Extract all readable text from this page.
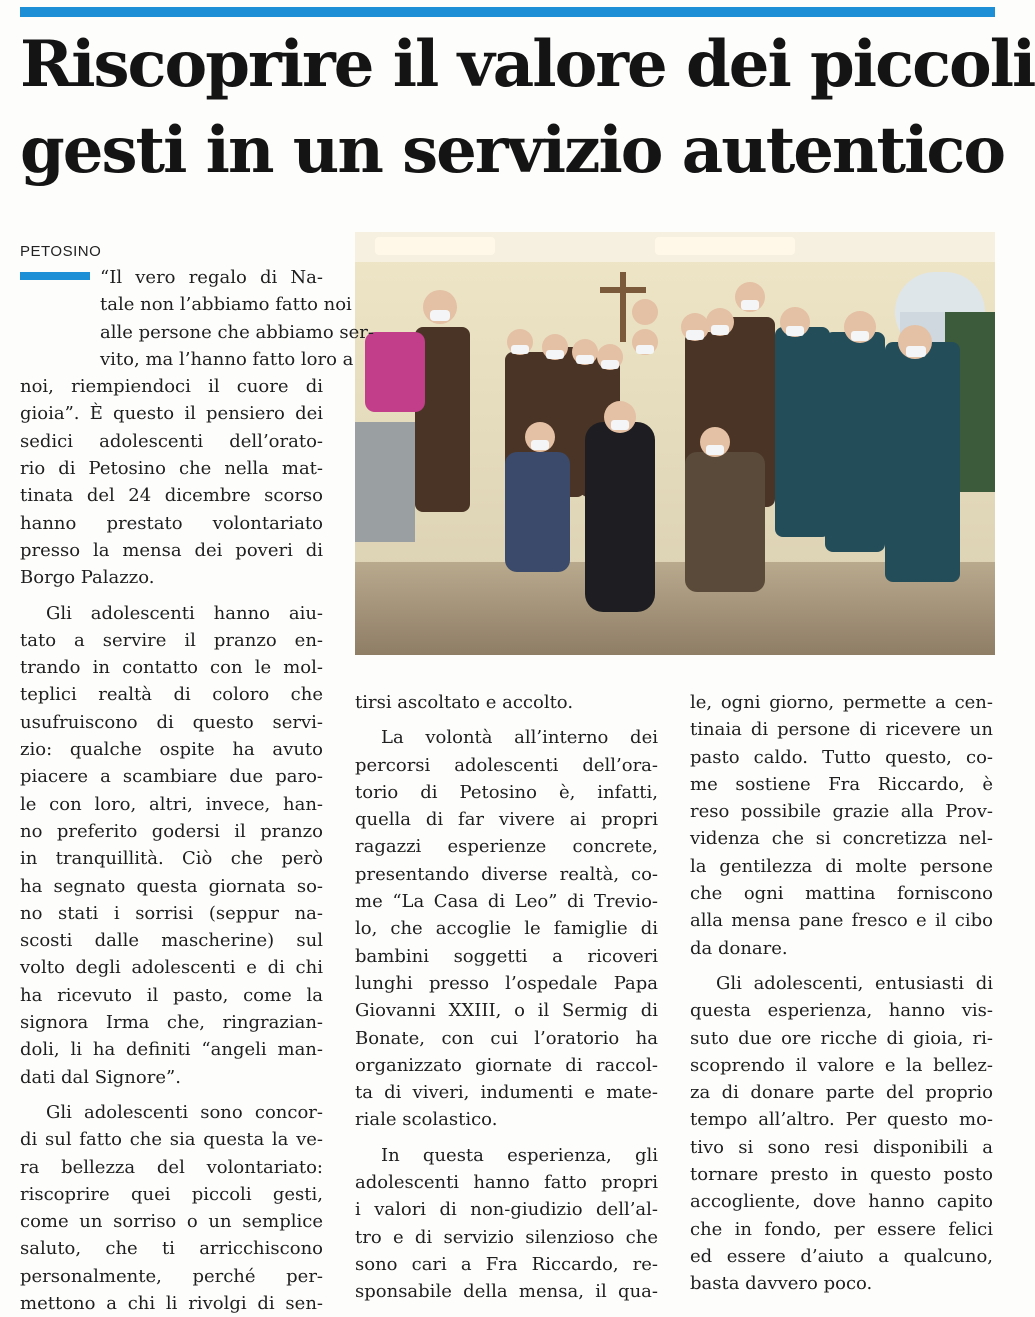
Riscoprire il valore dei piccoli
gesti in un servizio autentico
PETOSINO
“Il vero regalo di Na-
tale non l’abbiamo fatto noi
alle persone che abbiamo ser-
vito, ma l’hanno fatto loro a
noi, riempiendoci il cuore di
gioia”. È questo il pensiero dei
sedici adolescenti dell’orato-
rio di Petosino che nella mat-
tinata del 24 dicembre scorso
hanno prestato volontariato
presso la mensa dei poveri di
Borgo Palazzo.
Gli adolescenti hanno aiu-
tato a servire il pranzo en-
trando in contatto con le mol-
teplici realtà di coloro che
usufruiscono di questo servi-
zio: qualche ospite ha avuto
piacere a scambiare due paro-
le con loro, altri, invece, han-
no preferito godersi il pranzo
in tranquillità. Ciò che però
ha segnato questa giornata so-
no stati i sorrisi (seppur na-
scosti dalle mascherine) sul
volto degli adolescenti e di chi
ha ricevuto il pasto, come la
signora Irma che, ringrazian-
doli, li ha definiti “angeli man-
dati dal Signore”.
Gli adolescenti sono concor-
di sul fatto che sia questa la ve-
ra bellezza del volontariato:
riscoprire quei piccoli gesti,
come un sorriso o un semplice
saluto, che ti arricchiscono
personalmente, perché per-
mettono a chi li rivolgi di sen-
tirsi ascoltato e accolto.
La volontà all’interno dei
percorsi adolescenti dell’ora-
torio di Petosino è, infatti,
quella di far vivere ai propri
ragazzi esperienze concrete,
presentando diverse realtà, co-
me “La Casa di Leo” di Trevio-
lo, che accoglie le famiglie di
bambini soggetti a ricoveri
lunghi presso l’ospedale Papa
Giovanni XXIII, o il Sermig di
Bonate, con cui l’oratorio ha
organizzato giornate di raccol-
ta di viveri, indumenti e mate-
riale scolastico.
In questa esperienza, gli
adolescenti hanno fatto propri
i valori di non-giudizio dell’al-
tro e di servizio silenzioso che
sono cari a Fra Riccardo, re-
sponsabile della mensa, il qua-
le, ogni giorno, permette a cen-
tinaia di persone di ricevere un
pasto caldo. Tutto questo, co-
me sostiene Fra Riccardo, è
reso possibile grazie alla Prov-
videnza che si concretizza nel-
la gentilezza di molte persone
che ogni mattina forniscono
alla mensa pane fresco e il cibo
da donare.
Gli adolescenti, entusiasti di
questa esperienza, hanno vis-
suto due ore ricche di gioia, ri-
scoprendo il valore e la bellez-
za di donare parte del proprio
tempo all’altro. Per questo mo-
tivo si sono resi disponibili a
tornare presto in questo posto
accogliente, dove hanno capito
che in fondo, per essere felici
ed essere d’aiuto a qualcuno,
basta davvero poco.
